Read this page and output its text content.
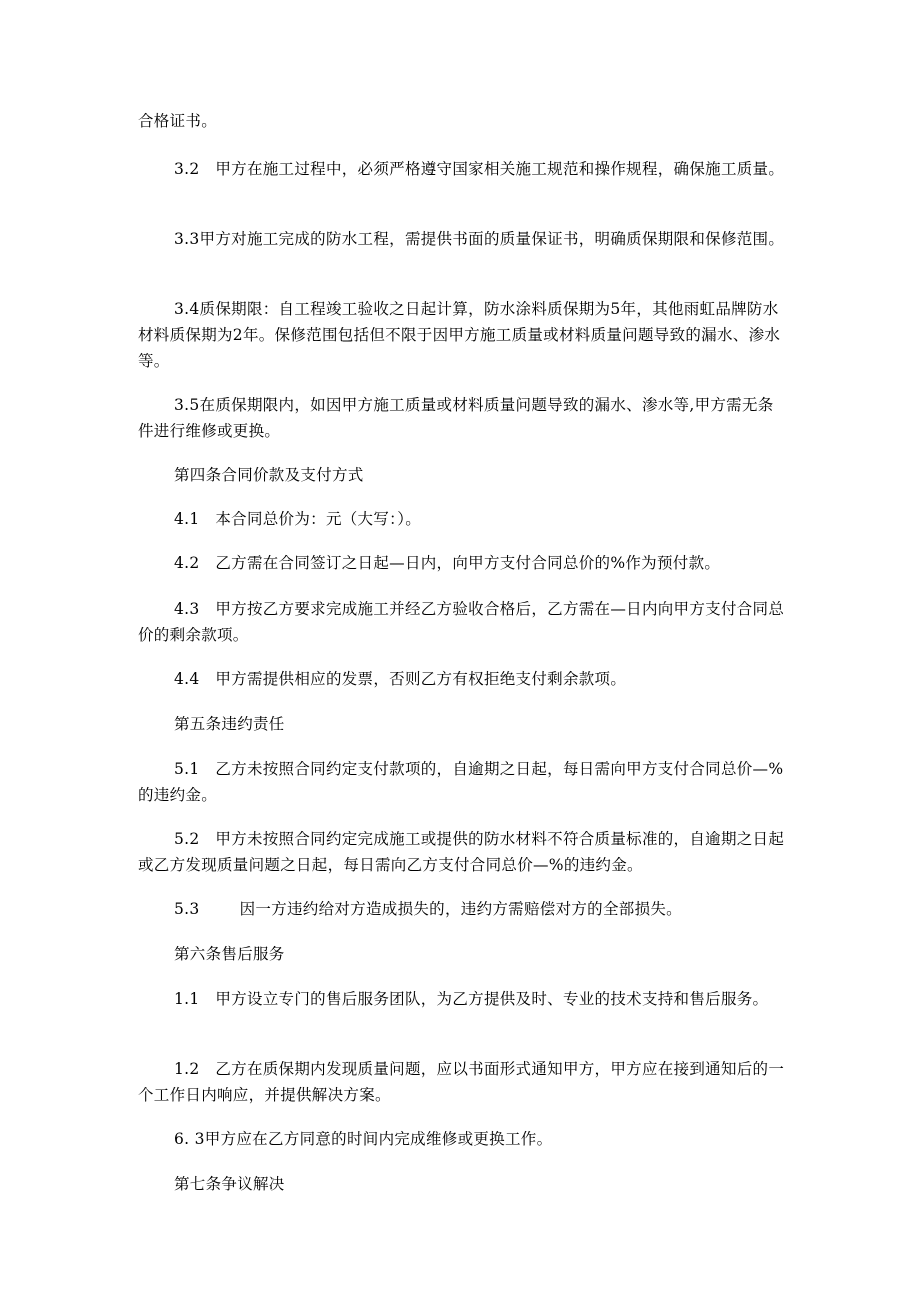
合格证书。

3.2　甲方在施工过程中，必须严格遵守国家相关施工规范和操作规程，确保施工质量。

3.3甲方对施工完成的防水工程，需提供书面的质量保证书，明确质保期限和保修范围。

3.4质保期限：自工程竣工验收之日起计算，防水涂料质保期为5年，其他雨虹品牌防水材料质保期为2年。保修范围包括但不限于因甲方施工质量或材料质量问题导致的漏水、渗水等。

3.5在质保期限内，如因甲方施工质量或材料质量问题导致的漏水、渗水等,甲方需无条件进行维修或更换。

第四条合同价款及支付方式

4.1　本合同总价为：元（大写：）。

4.2　乙方需在合同签订之日起—日内，向甲方支付合同总价的%作为预付款。

4.3　甲方按乙方要求完成施工并经乙方验收合格后，乙方需在—日内向甲方支付合同总价的剩余款项。

4.4　甲方需提供相应的发票，否则乙方有权拒绝支付剩余款项。

第五条违约责任

5.1　乙方未按照合同约定支付款项的，自逾期之日起，每日需向甲方支付合同总价—%的违约金。

5.2　甲方未按照合同约定完成施工或提供的防水材料不符合质量标准的，自逾期之日起或乙方发现质量问题之日起，每日需向乙方支付合同总价—%的违约金。

5.3	因一方违约给对方造成损失的，违约方需赔偿对方的全部损失。

第六条售后服务

1.1　甲方设立专门的售后服务团队，为乙方提供及时、专业的技术支持和售后服务。

1.2　乙方在质保期内发现质量问题，应以书面形式通知甲方，甲方应在接到通知后的一个工作日内响应，并提供解决方案。

6. 3甲方应在乙方同意的时间内完成维修或更换工作。

第七条争议解决
